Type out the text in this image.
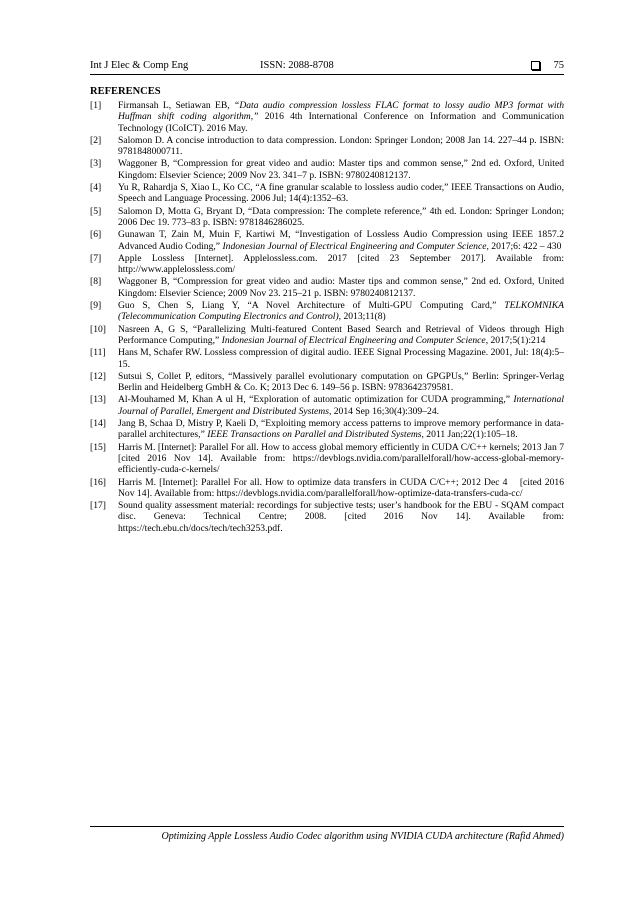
Int J Elec & Comp Eng	ISSN: 2088-8708	75
REFERENCES
[1]	Firmansah L, Setiawan EB, “Data audio compression lossless FLAC format to lossy audio MP3 format with Huffman shift coding algorithm,” 2016 4th International Conference on Information and Communication Technology (ICoICT). 2016 May.
[2]	Salomon D. A concise introduction to data compression. London: Springer London; 2008 Jan 14. 227–44 p. ISBN: 9781848000711.
[3]	Waggoner B, “Compression for great video and audio: Master tips and common sense,” 2nd ed. Oxford, United Kingdom: Elsevier Science; 2009 Nov 23. 341–7 p. ISBN: 9780240812137.
[4]	Yu R, Rahardja S, Xiao L, Ko CC, “A fine granular scalable to lossless audio coder,” IEEE Transactions on Audio, Speech and Language Processing. 2006 Jul; 14(4):1352–63.
[5]	Salomon D, Motta G, Bryant D, “Data compression: The complete reference,” 4th ed. London: Springer London; 2006 Dec 19. 773–83 p. ISBN: 9781846286025.
[6]	Gunawan T, Zain M, Muin F, Kartiwi M, “Investigation of Lossless Audio Compression using IEEE 1857.2 Advanced Audio Coding,” Indonesian Journal of Electrical Engineering and Computer Science, 2017;6: 422 – 430
[7]	Apple Lossless [Internet]. Applelossless.com. 2017 [cited 23 September 2017]. Available from: http://www.applelossless.com/
[8]	Waggoner B, “Compression for great video and audio: Master tips and common sense,” 2nd ed. Oxford, United Kingdom: Elsevier Science; 2009 Nov 23. 215–21 p. ISBN: 9780240812137.
[9]	Guo S, Chen S, Liang Y, “A Novel Architecture of Multi-GPU Computing Card,” TELKOMNIKA (Telecommunication Computing Electronics and Control), 2013;11(8)
[10]	Nasreen A, G S, “Parallelizing Multi-featured Content Based Search and Retrieval of Videos through High Performance Computing,” Indonesian Journal of Electrical Engineering and Computer Science, 2017;5(1):214
[11]	Hans M, Schafer RW. Lossless compression of digital audio. IEEE Signal Processing Magazine. 2001, Jul: 18(4):5–15.
[12]	Sutsui S, Collet P, editors, “Massively parallel evolutionary computation on GPGPUs,” Berlin: Springer-Verlag Berlin and Heidelberg GmbH & Co. K; 2013 Dec 6. 149–56 p. ISBN: 9783642379581.
[13]	Al-Mouhamed M, Khan A ul H, “Exploration of automatic optimization for CUDA programming,” International Journal of Parallel, Emergent and Distributed Systems, 2014 Sep 16;30(4):309–24.
[14]	Jang B, Schaa D, Mistry P, Kaeli D, “Exploiting memory access patterns to improve memory performance in data-parallel architectures,” IEEE Transactions on Parallel and Distributed Systems, 2011 Jan;22(1):105–18.
[15]	Harris M. [Internet]: Parallel For all. How to access global memory efficiently in CUDA C/C++ kernels; 2013 Jan 7 [cited 2016 Nov 14]. Available from: https://devblogs.nvidia.com/parallelforall/how-access-global-memory-efficiently-cuda-c-kernels/
[16]	Harris M. [Internet]: Parallel For all. How to optimize data transfers in CUDA C/C++; 2012 Dec 4    [cited 2016 Nov 14]. Available from: https://devblogs.nvidia.com/parallelforall/how-optimize-data-transfers-cuda-cc/
[17]	Sound quality assessment material: recordings for subjective tests; user’s handbook for the EBU - SQAM compact disc. Geneva: Technical Centre; 2008. [cited 2016 Nov 14]. Available from: https://tech.ebu.ch/docs/tech/tech3253.pdf.
Optimizing Apple Lossless Audio Codec algorithm using NVIDIA CUDA architecture (Rafid Ahmed)
